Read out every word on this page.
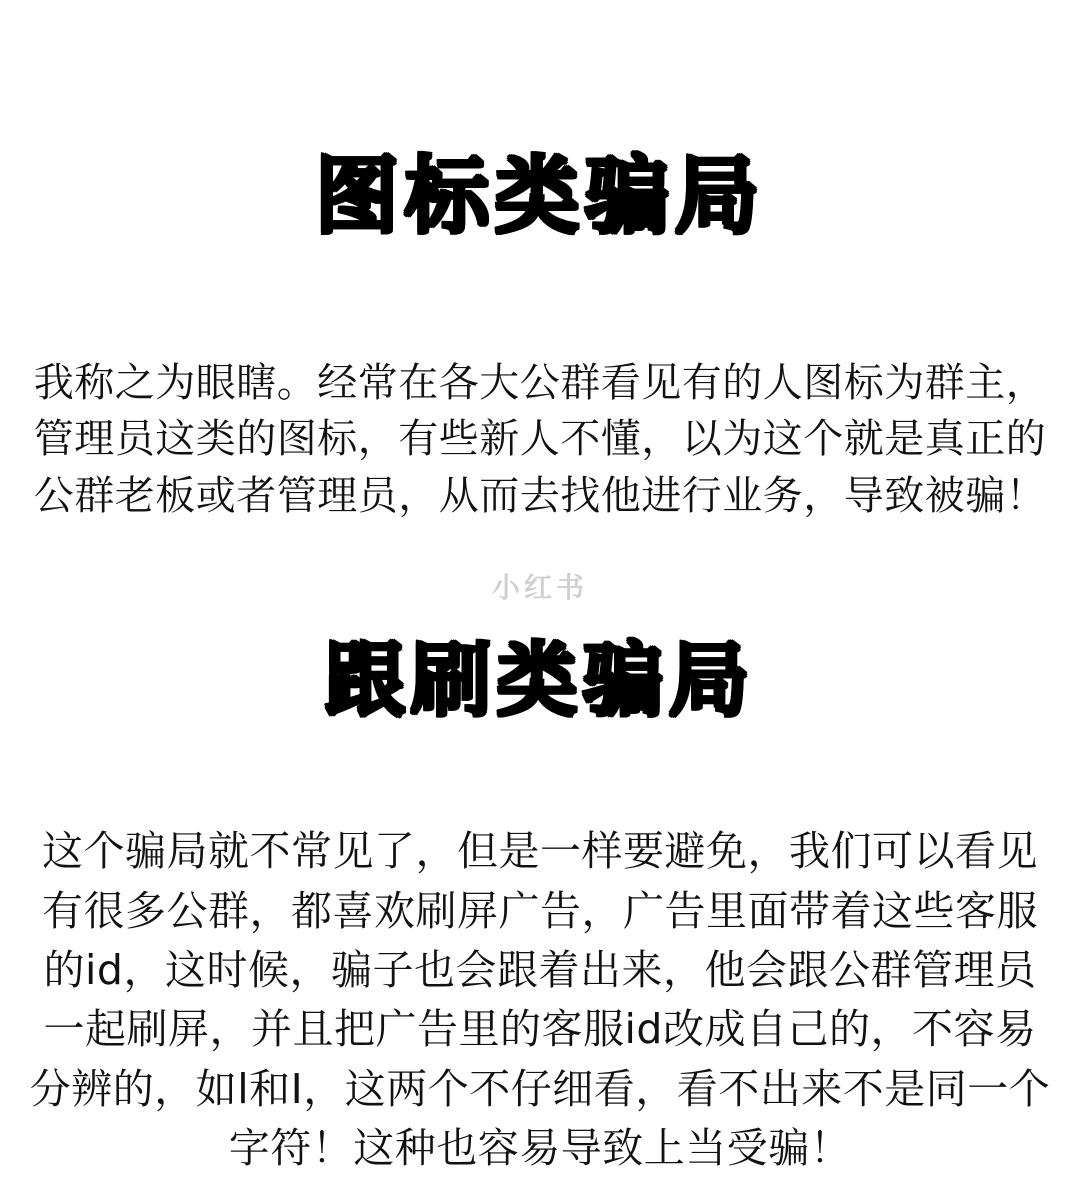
图标类骗局

我称之为眼瞎。经常在各大公群看见有的人图标为群主，管理员这类的图标，有些新人不懂，以为这个就是真正的公群老板或者管理员，从而去找他进行业务，导致被骗！

跟刷类骗局

这个骗局就不常见了，但是一样要避免，我们可以看见有很多公群，都喜欢刷屏广告，广告里面带着这些客服的id，这时候，骗子也会跟着出来，他会跟公群管理员一起刷屏，并且把广告里的客服id改成自己的，不容易分辨的，如l和I，这两个不仔细看，看不出来不是同一个字符！这种也容易导致上当受骗！

小红书
